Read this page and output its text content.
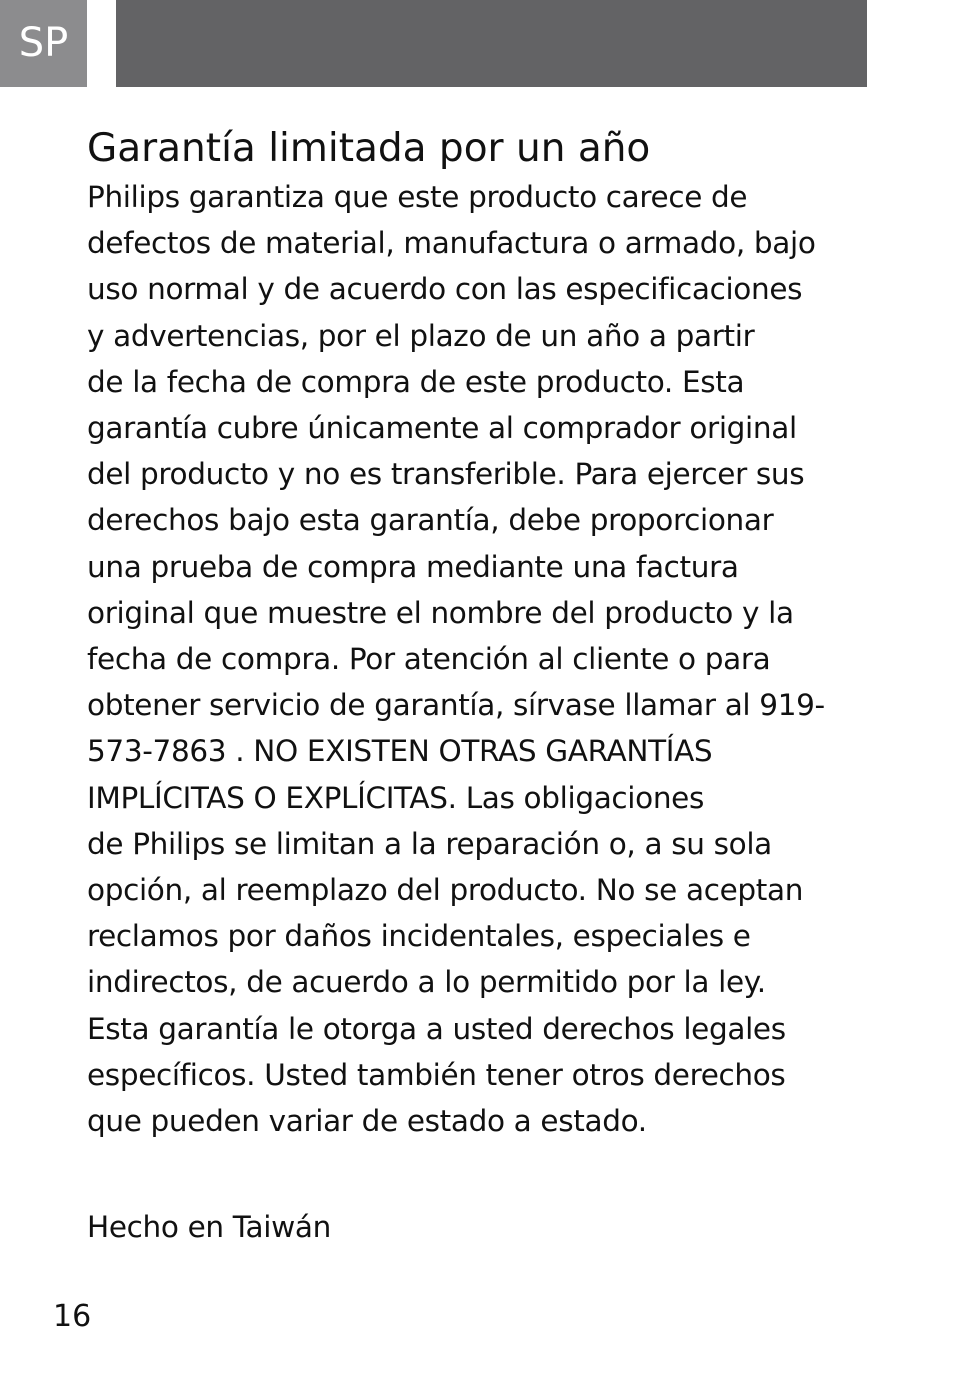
SP
Garantía limitada por un año
Philips garantiza que este producto carece de
defectos de material, manufactura o armado, bajo
uso normal y de acuerdo con las especificaciones
y advertencias, por el plazo de un año a partir
de la fecha de compra de este producto. Esta
garantía cubre únicamente al comprador original
del producto y no es transferible. Para ejercer sus
derechos bajo esta garantía, debe proporcionar
una prueba de compra mediante una factura
original que muestre el nombre del producto y la
fecha de compra. Por atención al cliente o para
obtener servicio de garantía, sírvase llamar al 919-
573-7863 . NO EXISTEN OTRAS GARANTÍAS
IMPLÍCITAS O EXPLÍCITAS. Las obligaciones
de Philips se limitan a la reparación o, a su sola
opción, al reemplazo del producto. No se aceptan
reclamos por daños incidentales, especiales e
indirectos, de acuerdo a lo permitido por la ley.
Esta garantía le otorga a usted derechos legales
específicos. Usted también tener otros derechos
que pueden variar de estado a estado.
Hecho en Taiwán
16
